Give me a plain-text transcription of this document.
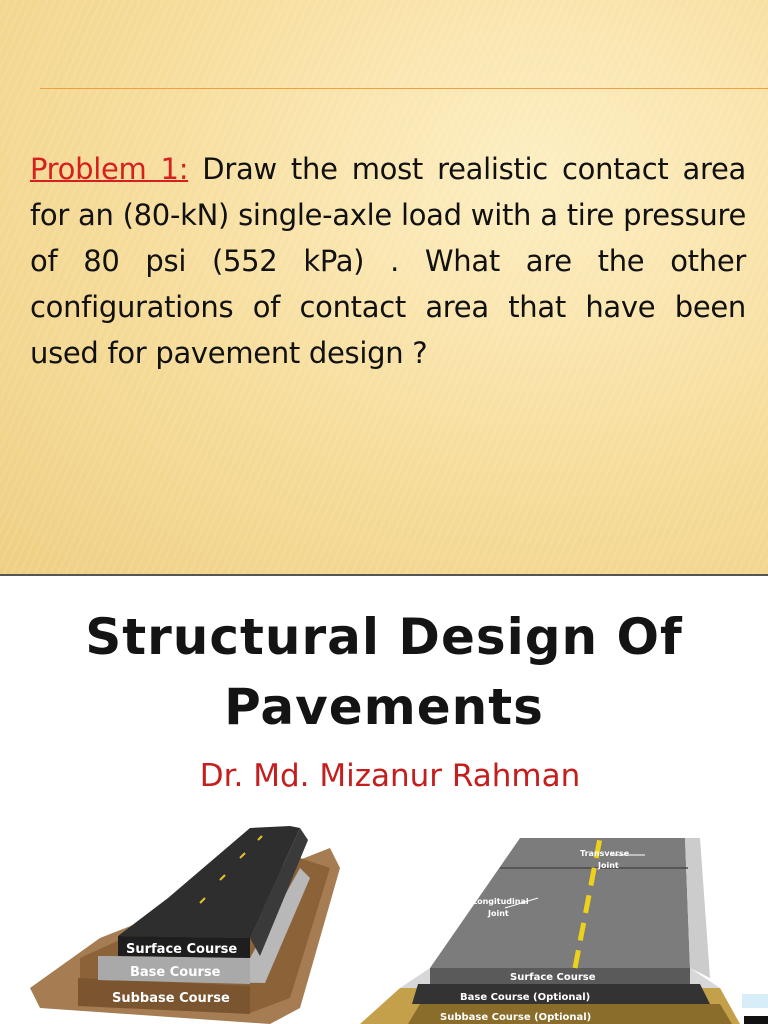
Problem 1: Draw the most realistic contact area for an (80-kN) single-axle load with a tire pressure of 80 psi (552 kPa) . What are the other configurations of contact area that have been used for pavement design ?
Structural Design Of
Pavements
Dr. Md. Mizanur Rahman
Surface Course
Base Course
Subbase Course
Transverse
Joint
Longitudinal
Joint
Surface Course
Base Course (Optional)
Subbase Course (Optional)
